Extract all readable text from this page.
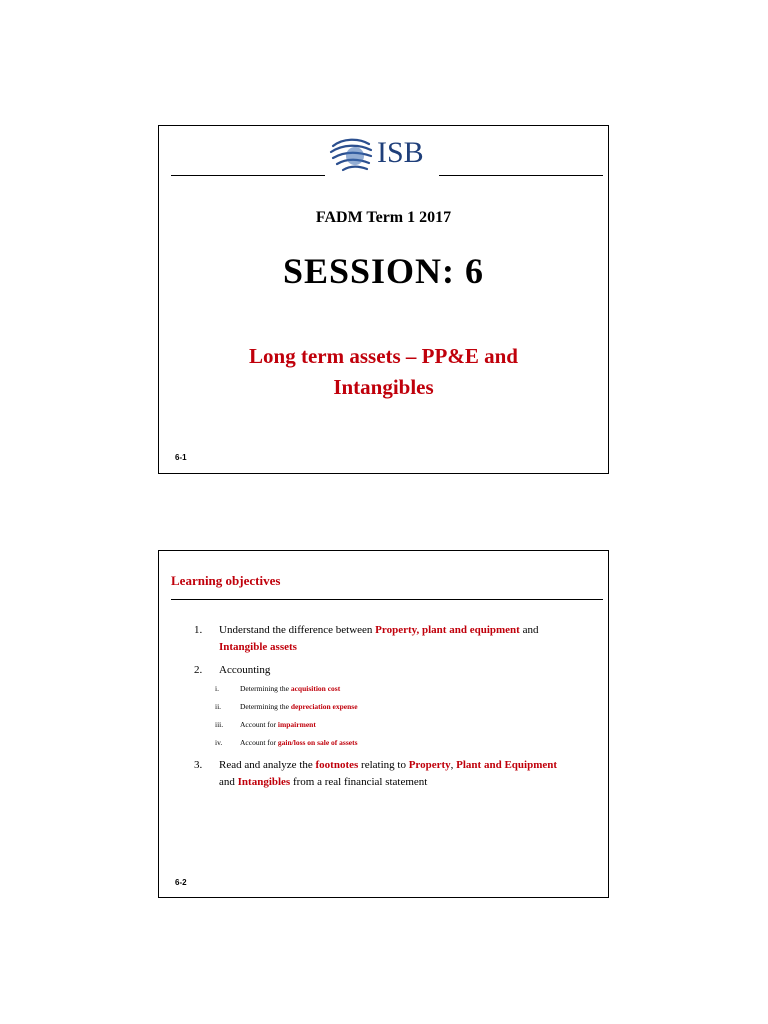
ISB
FADM Term 1 2017
SESSION: 6
Long term assets – PP&E and
Intangibles
6-1
Learning objectives
1. Understand the difference between Property, plant and equipment and
Intangible assets
2. Accounting
i.	Determining the acquisition cost
ii.	Determining the depreciation expense
iii. Account for impairment
iv. Account for gain/loss on sale of assets
3. Read and analyze the footnotes relating to Property, Plant and Equipment
and Intangibles from a real financial statement
6-2
